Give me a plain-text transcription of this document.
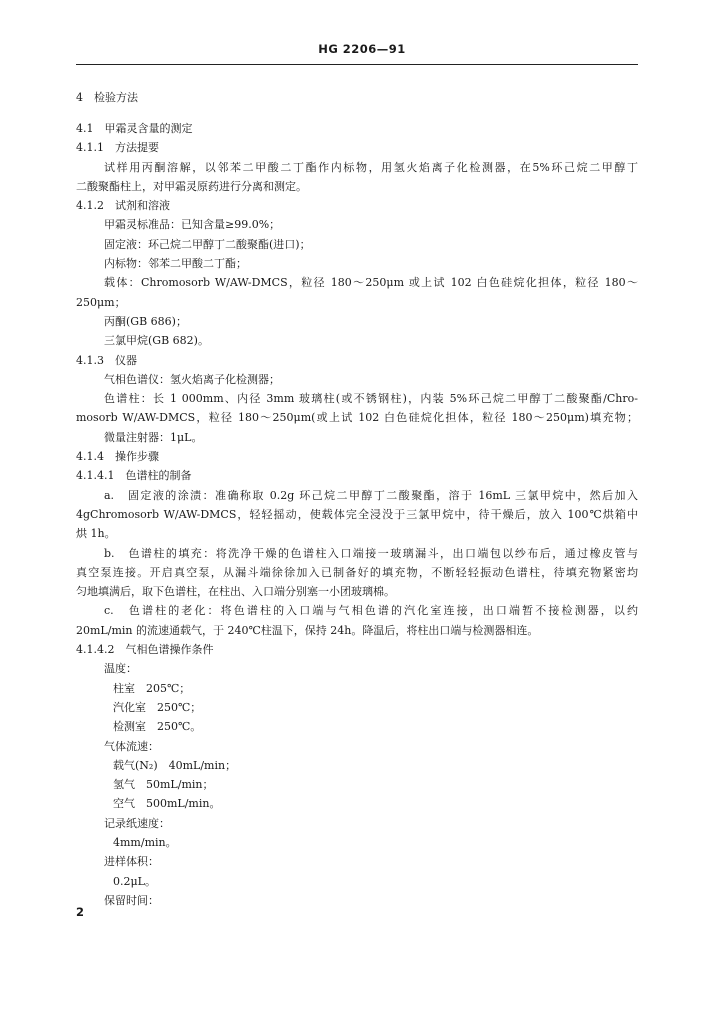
HG 2206—91
4　检验方法
4.1　甲霜灵含量的测定
4.1.1　方法提要
试样用丙酮溶解，以邻苯二甲酸二丁酯作内标物，用氢火焰离子化检测器，在5%环己烷二甲醇丁
二酸聚酯柱上，对甲霜灵原药进行分离和测定。
4.1.2　试剂和溶液
甲霜灵标准品：已知含量≥99.0%；
固定液：环己烷二甲醇丁二酸聚酯(进口)；
内标物：邻苯二甲酸二丁酯；
载体：Chromosorb W/AW-DMCS，粒径 180～250μm 或上试 102 白色硅烷化担体，粒径 180～
250μm；
丙酮(GB 686)；
三氯甲烷(GB 682)。
4.1.3　仪器
气相色谱仪：氢火焰离子化检测器；
色谱柱：长 1 000mm、内径 3mm 玻璃柱(或不锈钢柱)，内装 5%环己烷二甲醇丁二酸聚酯/Chro-
mosorb W/AW-DMCS，粒径 180～250μm(或上试 102 白色硅烷化担体，粒径 180～250μm)填充物；
微量注射器：1μL。
4.1.4　操作步骤
4.1.4.1　色谱柱的制备
a.　固定液的涂渍：准确称取 0.2g 环己烷二甲醇丁二酸聚酯，溶于 16mL 三氯甲烷中，然后加入
4gChromosorb W/AW-DMCS，轻轻摇动，使载体完全浸没于三氯甲烷中，待干燥后，放入 100℃烘箱中
烘 1h。
b.　色谱柱的填充：将洗净干燥的色谱柱入口端接一玻璃漏斗，出口端包以纱布后，通过橡皮管与
真空泵连接。开启真空泵，从漏斗端徐徐加入已制备好的填充物，不断轻轻振动色谱柱，待填充物紧密均
匀地填满后，取下色谱柱，在柱出、入口端分别塞一小团玻璃棉。
c.　色谱柱的老化：将色谱柱的入口端与气相色谱的汽化室连接，出口端暂不接检测器，以约
20mL/min 的流速通载气，于 240℃柱温下，保持 24h。降温后，将柱出口端与检测器相连。
4.1.4.2　气相色谱操作条件
温度：
柱室　205℃；
汽化室　250℃；
检测室　250℃。
气体流速：
载气(N₂)　40mL/min；
氢气　50mL/min；
空气　500mL/min。
记录纸速度：
4mm/min。
进样体积：
0.2μL。
保留时间：
2
